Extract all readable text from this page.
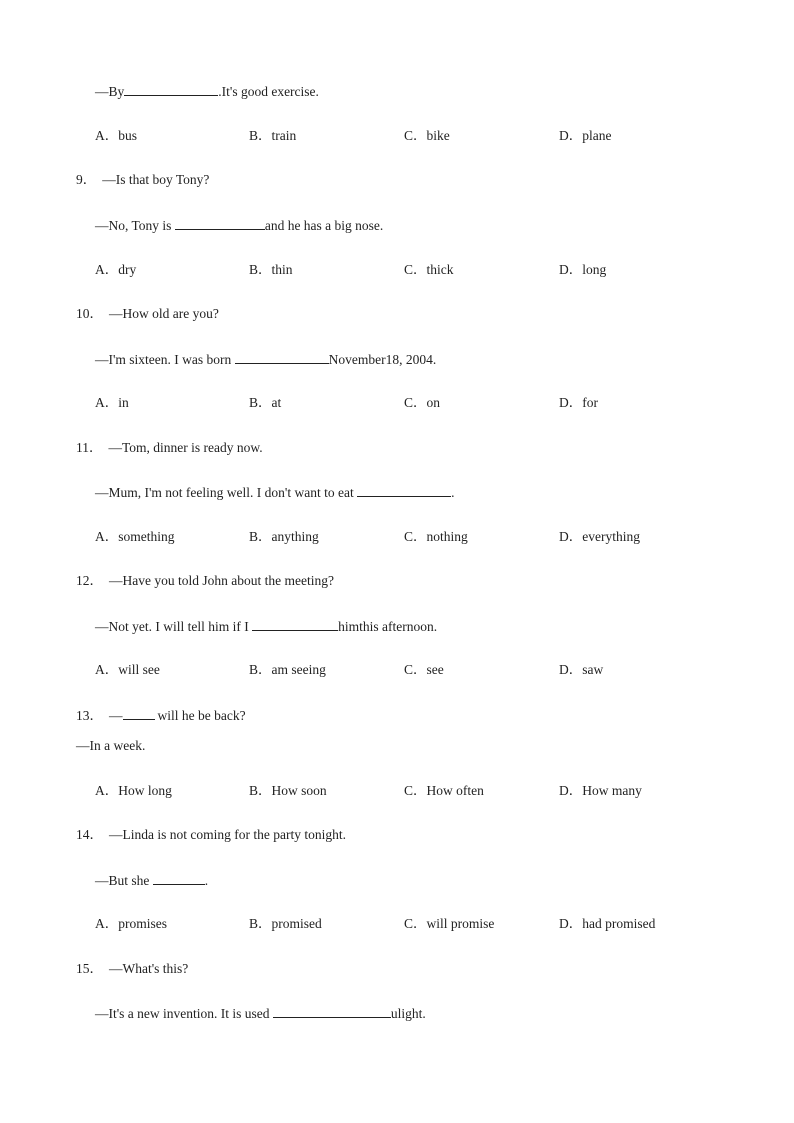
—By	.It's good exercise.
A．bus	B．train	C．bike	D．plane
9． —Is that boy Tony?
—No, Tony is	and he has a big nose.
A．dry	B．thin	C．thick	D．long
10． —How old are you?
—I'm sixteen. I was born	November18, 2004.
A．in	B．at	C．on	D．for
11． —Tom, dinner is ready now.
—Mum, I'm not feeling well. I don't want to eat	.
A．something	B．anything	C．nothing	D．everything
12． —Have you told John about the meeting?
—Not yet. I will tell him if I	himthis afternoon.
A．will see	B．am seeing	C．see	D．saw
13． —	will he be back?
—In a week.
A．How long	B．How soon	C．How often	D．How many
14． —Linda is not coming for the party tonight.
—But she	.
A．promises	B．promised	C．will promise	D．had promised
15． —What's this?
—It's a new invention. It is used	ulight.
